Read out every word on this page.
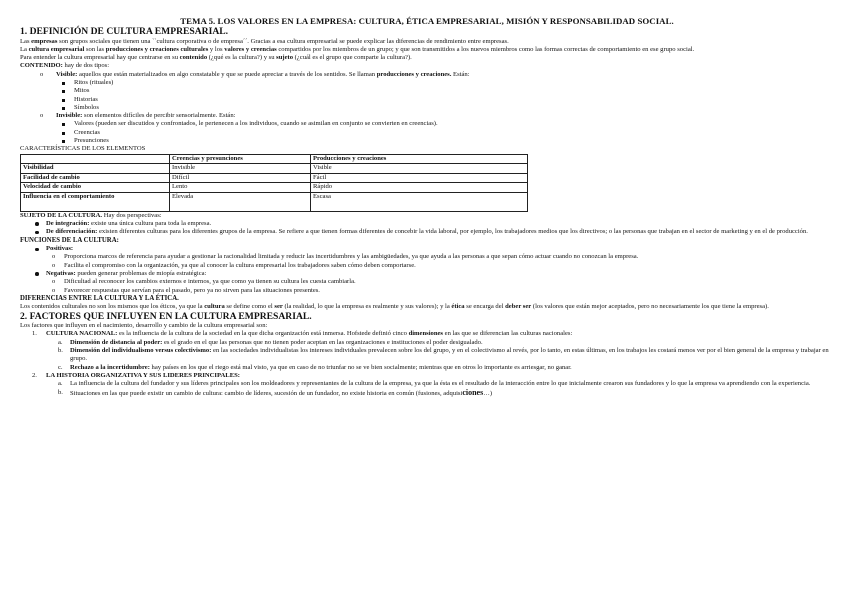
TEMA 5. LOS VALORES EN LA EMPRESA: CULTURA, ÉTICA EMPRESARIAL, MISIÓN Y RESPONSABILIDAD SOCIAL.
1. DEFINICIÓN DE CULTURA EMPRESARIAL.

Las empresas son grupos sociales que tienen una ``cultura corporativa o de empresa´´. Gracias a esa cultura empresarial se puede explicar las diferencias de rendimiento entre empresas.

La cultura empresarial son las producciones y creaciones culturales y los valores y creencias compartidos por los miembros de un grupo; y que son transmitidos a los nuevos miembros como las formas correctas de comportamiento en ese grupo social.

Para entender la cultura empresarial hay que centrarse en su contenido (¿qué es la cultura?) y su sujeto (¿cuál es el grupo que comparte la cultura?).

CONTENIDO: hay de dos tipos:

o Visible: aquellos que están materializados en algo constatable y que se puede apreciar a través de los sentidos. Se llaman producciones y creaciones. Están:
Ritos (rituales)
Mitos
Historias
Símbolos
o Invisible: son elementos difíciles de percibir sensorialmente. Están:
Valores (pueden ser discutidos y confrontados, le pertenecen a los individuos, cuando se asimilan en conjunto se convierten en creencias).
Creencias
Presunciones

CARACTERÍSTICAS DE LOS ELEMENTOS

	Creencias y presunciones	Producciones y creaciones
Visibilidad	Invisible	Visible
Facilidad de cambio	Difícil	Fácil
Velocidad de cambio	Lento	Rápido
Influencia en el comportamiento	Elevada	Escasa

SUJETO DE LA CULTURA. Hay dos perspectivas:

De integración: existe una única cultura para toda la empresa.
De diferenciación: existen diferentes culturas para los diferentes grupos de la empresa. Se refiere a que tienen formas diferentes de concebir la vida laboral, por ejemplo, los trabajadores medios que los directivos; o las personas que trabajan en el sector de marketing y en el de producción.

FUNCIONES DE LA CULTURA:

Positivas:
o Proporciona marcos de referencia para ayudar a gestionar la racionalidad limitada y reducir las incertidumbres y las ambigüedades, ya que ayuda a las personas a que sepan cómo actuar cuando no conozcan la empresa.
o Facilita el compromiso con la organización, ya que al conocer la cultura empresarial los trabajadores saben cómo deben comportarse.
Negativas: pueden generar problemas de miopía estratégica:
o Dificultad al reconocer los cambios externos e internos, ya que como ya tienen su cultura les cuesta cambiarla.
o Favorecer respuestas que servían para el pasado, pero ya no sirven para las situaciones presentes.

DIFERENCIAS ENTRE LA CULTURA Y LA ÉTICA.

Los contenidos culturales no son los mismos que los éticos, ya que la cultura se define como el ser (la realidad, lo que la empresa es realmente y sus valores); y la ética se encarga del deber ser (los valores que están mejor aceptados, pero no necesariamente los que tiene la empresa).

2. FACTORES QUE INFLUYEN EN LA CULTURA EMPRESARIAL.

Los factores que influyen en el nacimiento, desarrollo y cambio de la cultura empresarial son:

1. CULTURA NACIONAL: es la influencia de la cultura de la sociedad en la que dicha organización está inmersa. Hofstede definió cinco dimensiones en las que se diferencian las culturas nacionales:
a. Dimensión de distancia al poder: es el grado en el que las personas que no tienen poder aceptan en las organizaciones e instituciones el poder desigualado.
b. Dimensión del individualismo versus colectivismo: en las sociedades individualistas los intereses individuales prevalecen sobre los del grupo, y en el colectivismo al revés, por lo tanto, en estas últimas, en los trabajos les costará menos ver por el bien general de la empresa y trabajar en grupo.
c. Rechazo a la incertidumbre: hay países en los que el riego está mal visto, ya que en caso de no triunfar no se ve bien socialmente; mientras que en otros lo importante es arriesgar, no ganar.
2. LA HISTORIA ORGANIZATIVA Y SUS LIDERES PRINCIPALES:
a. La influencia de la cultura del fundador y sus líderes principales son los moldeadores y representantes de la cultura de la empresa, ya que la ésta es el resultado de la interacción entre lo que inicialmente crearon sus fundadores y lo que la empresa va aprendiendo con la experiencia.
b. Situaciones en las que puede existir un cambio de cultura: cambio de líderes, sucesión de un fundador, no existe historia en común (fusiones, adquisiciones…)
